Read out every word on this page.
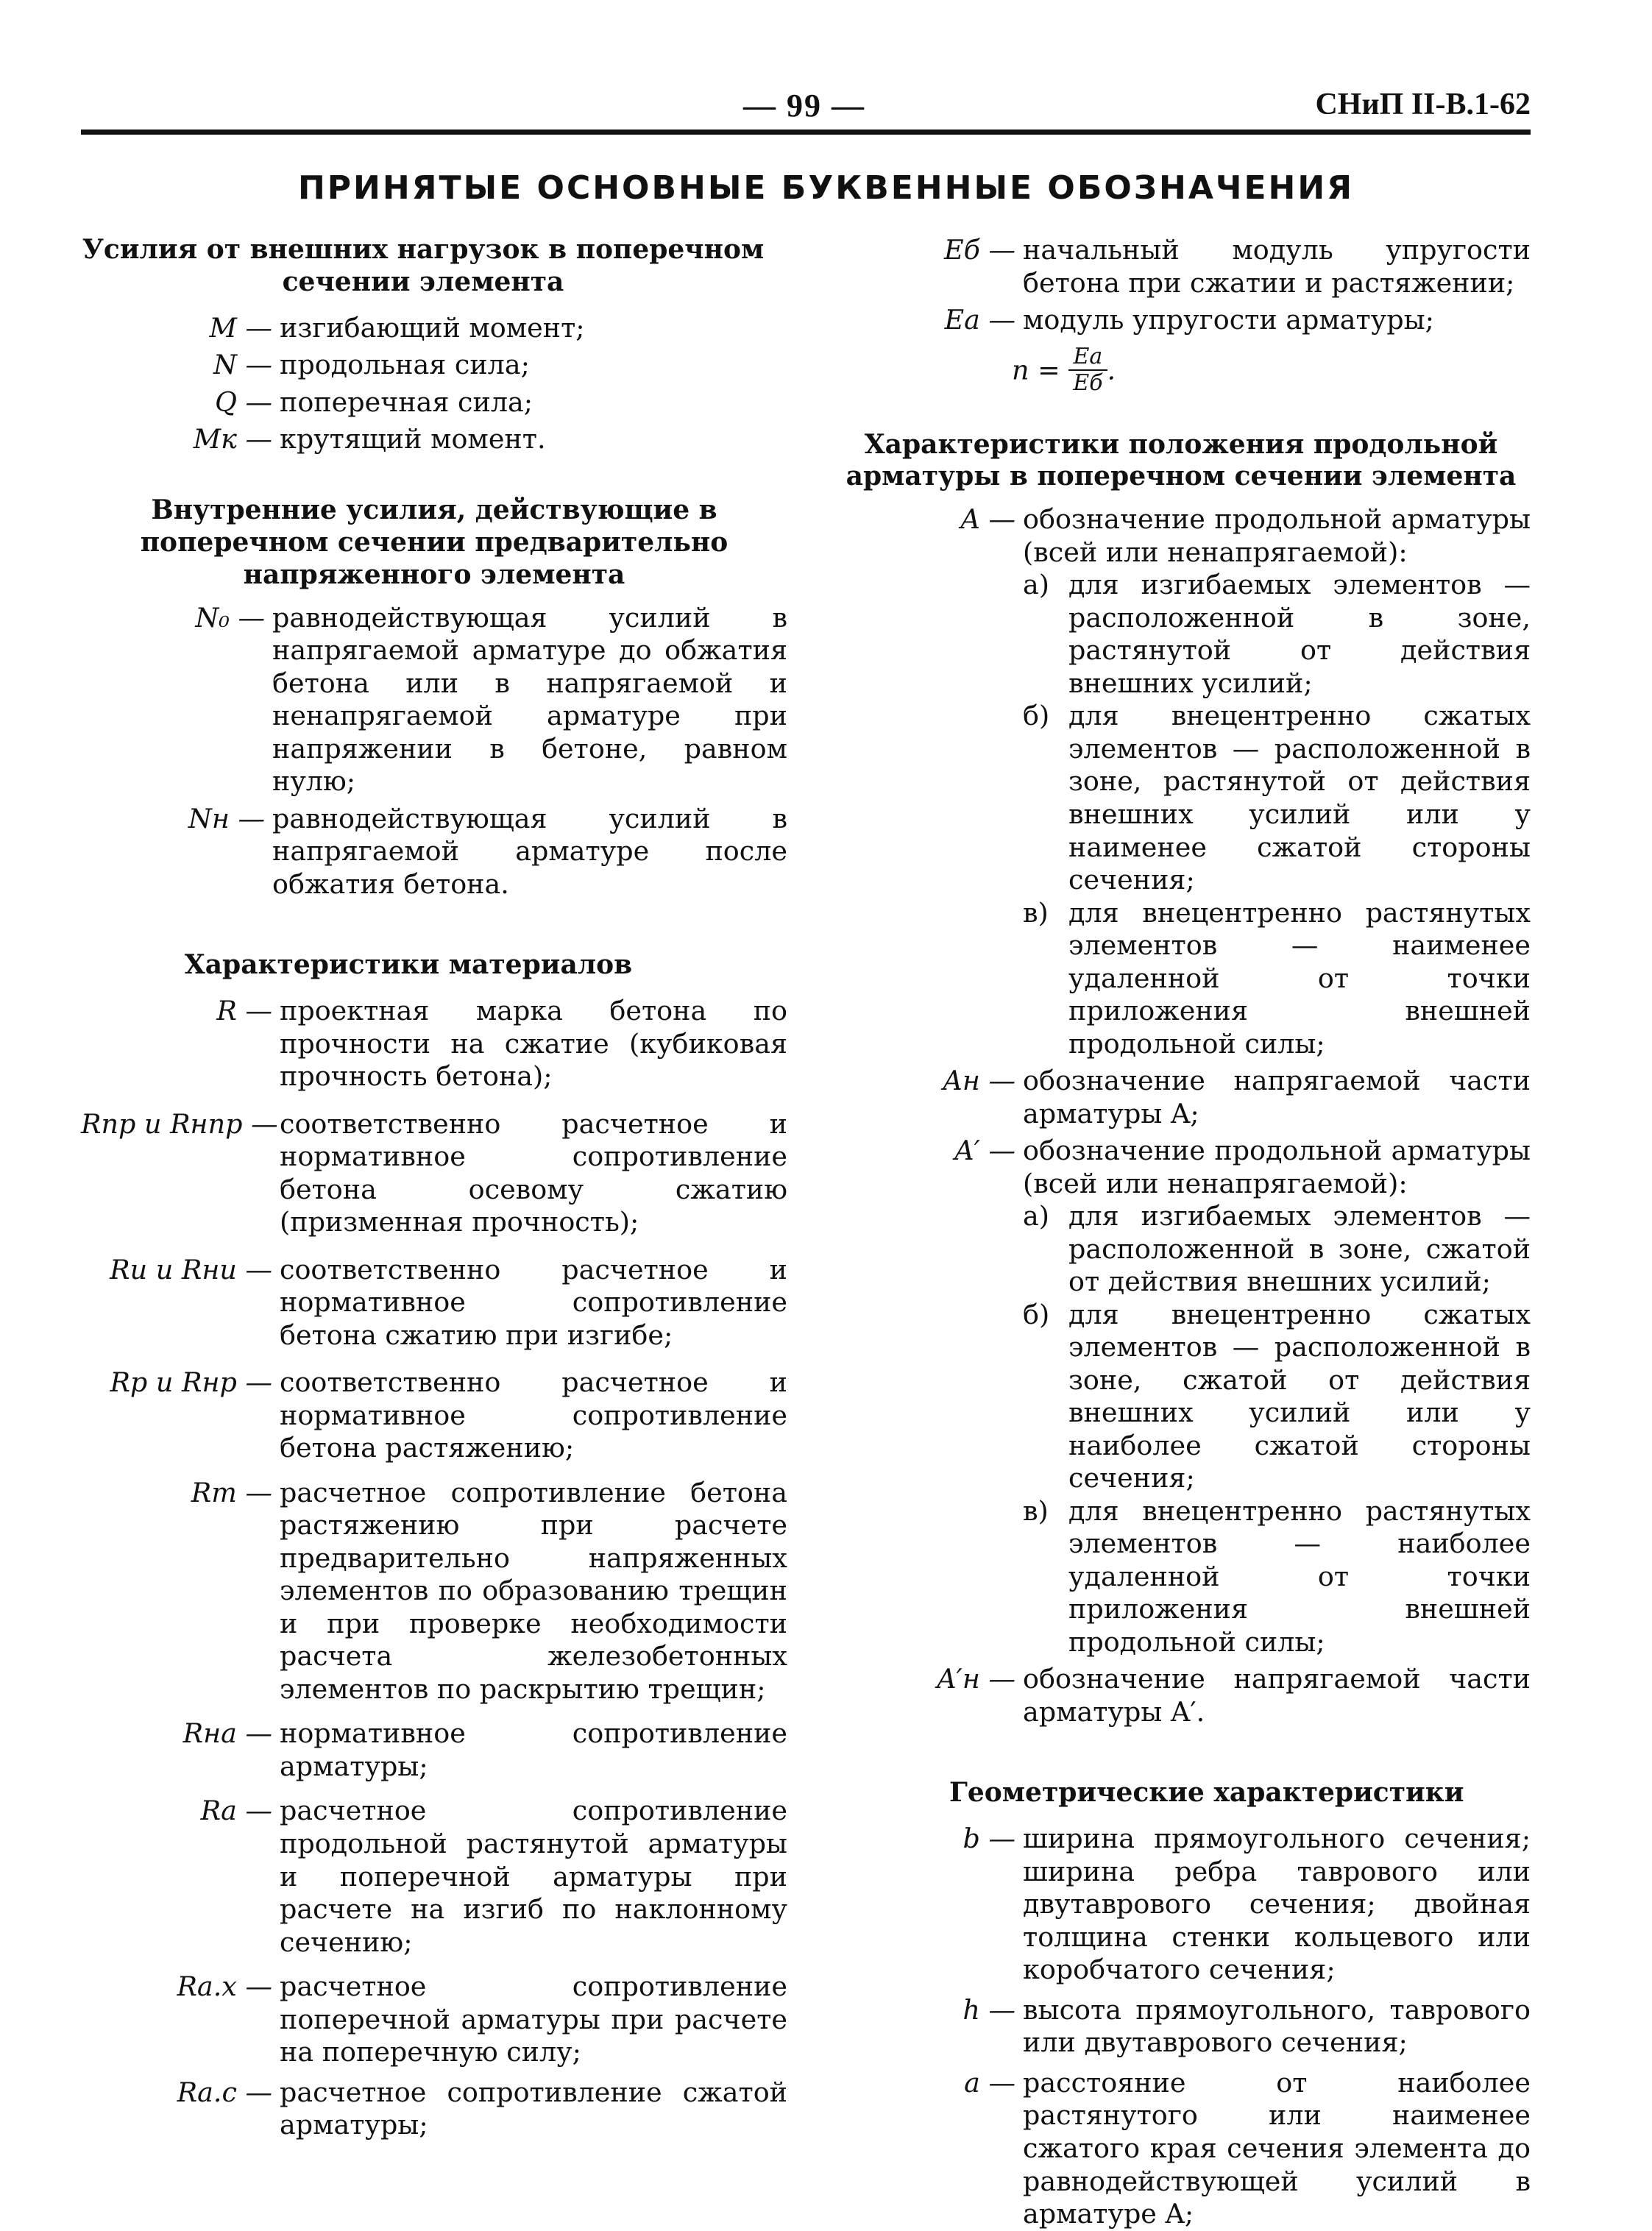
— 99 —	СНиП II-В.1-62
ПРИНЯТЫЕ ОСНОВНЫЕ БУКВЕННЫЕ ОБОЗНАЧЕНИЯ

Усилия от внешних нагрузок в поперечном сечении элемента

M — изгибающий момент;
N — продольная сила;
Q — поперечная сила;
Mк — крутящий момент.

Внутренние усилия, действующие в поперечном сечении предварительно напряженного элемента

N₀ — равнодействующая усилий в напрягаемой арматуре до обжатия бетона или в напрягаемой и ненапрягаемой арматуре при напряжении в бетоне, равном нулю;
Nн — равнодействующая усилий в напрягаемой арматуре после обжатия бетона.

Характеристики материалов

R — проектная марка бетона по прочности на сжатие (кубиковая прочность бетона);
Rпр и Rнпр — соответственно расчетное и нормативное сопротивление бетона осевому сжатию (призменная прочность);
Rи и Rни — соответственно расчетное и нормативное сопротивление бетона сжатию при изгибе;
Rр и Rнр — соответственно расчетное и нормативное сопротивление бетона растяжению;
Rт — расчетное сопротивление бетона растяжению при расчете предварительно напряженных элементов по образованию трещин и при проверке необходимости расчета железобетонных элементов по раскрытию трещин;
Rна — нормативное сопротивление арматуры;
Rа — расчетное сопротивление продольной растянутой арматуры и поперечной арматуры при расчете на изгиб по наклонному сечению;
Rа.х — расчетное сопротивление поперечной арматуры при расчете на поперечную силу;
Rа.с — расчетное сопротивление сжатой арматуры;
Eб — начальный модуль упругости бетона при сжатии и растяжении;
Eа — модуль упругости арматуры;
$n = \frac{Eа}{Eб}$ .

Характеристики положения продольной арматуры в поперечном сечении элемента

A — обозначение продольной арматуры (всей или ненапрягаемой):
а) для изгибаемых элементов — расположенной в зоне, растянутой от действия внешних усилий;
б) для внецентренно сжатых элементов — расположенной в зоне, растянутой от действия внешних усилий или у наименее сжатой стороны сечения;
в) для внецентренно растянутых элементов — наименее удаленной от точки приложения внешней продольной силы;
Aн — обозначение напрягаемой части арматуры A;
A′ — обозначение продольной арматуры (всей или ненапрягаемой):
а) для изгибаемых элементов — расположенной в зоне, сжатой от действия внешних усилий;
б) для внецентренно сжатых элементов — расположенной в зоне, сжатой от действия внешних усилий или у наиболее сжатой стороны сечения;
в) для внецентренно растянутых элементов — наиболее удаленной от точки приложения внешней продольной силы;
A′н — обозначение напрягаемой части арматуры A′.

Геометрические характеристики

b — ширина прямоугольного сечения; ширина ребра таврового или двутаврового сечения; двойная толщина стенки кольцевого или коробчатого сечения;
h — высота прямоугольного, таврового или двутаврового сечения;
a — расстояние от наиболее растянутого или наименее сжатого края сечения элемента до равнодействующей усилий в арматуре A;
